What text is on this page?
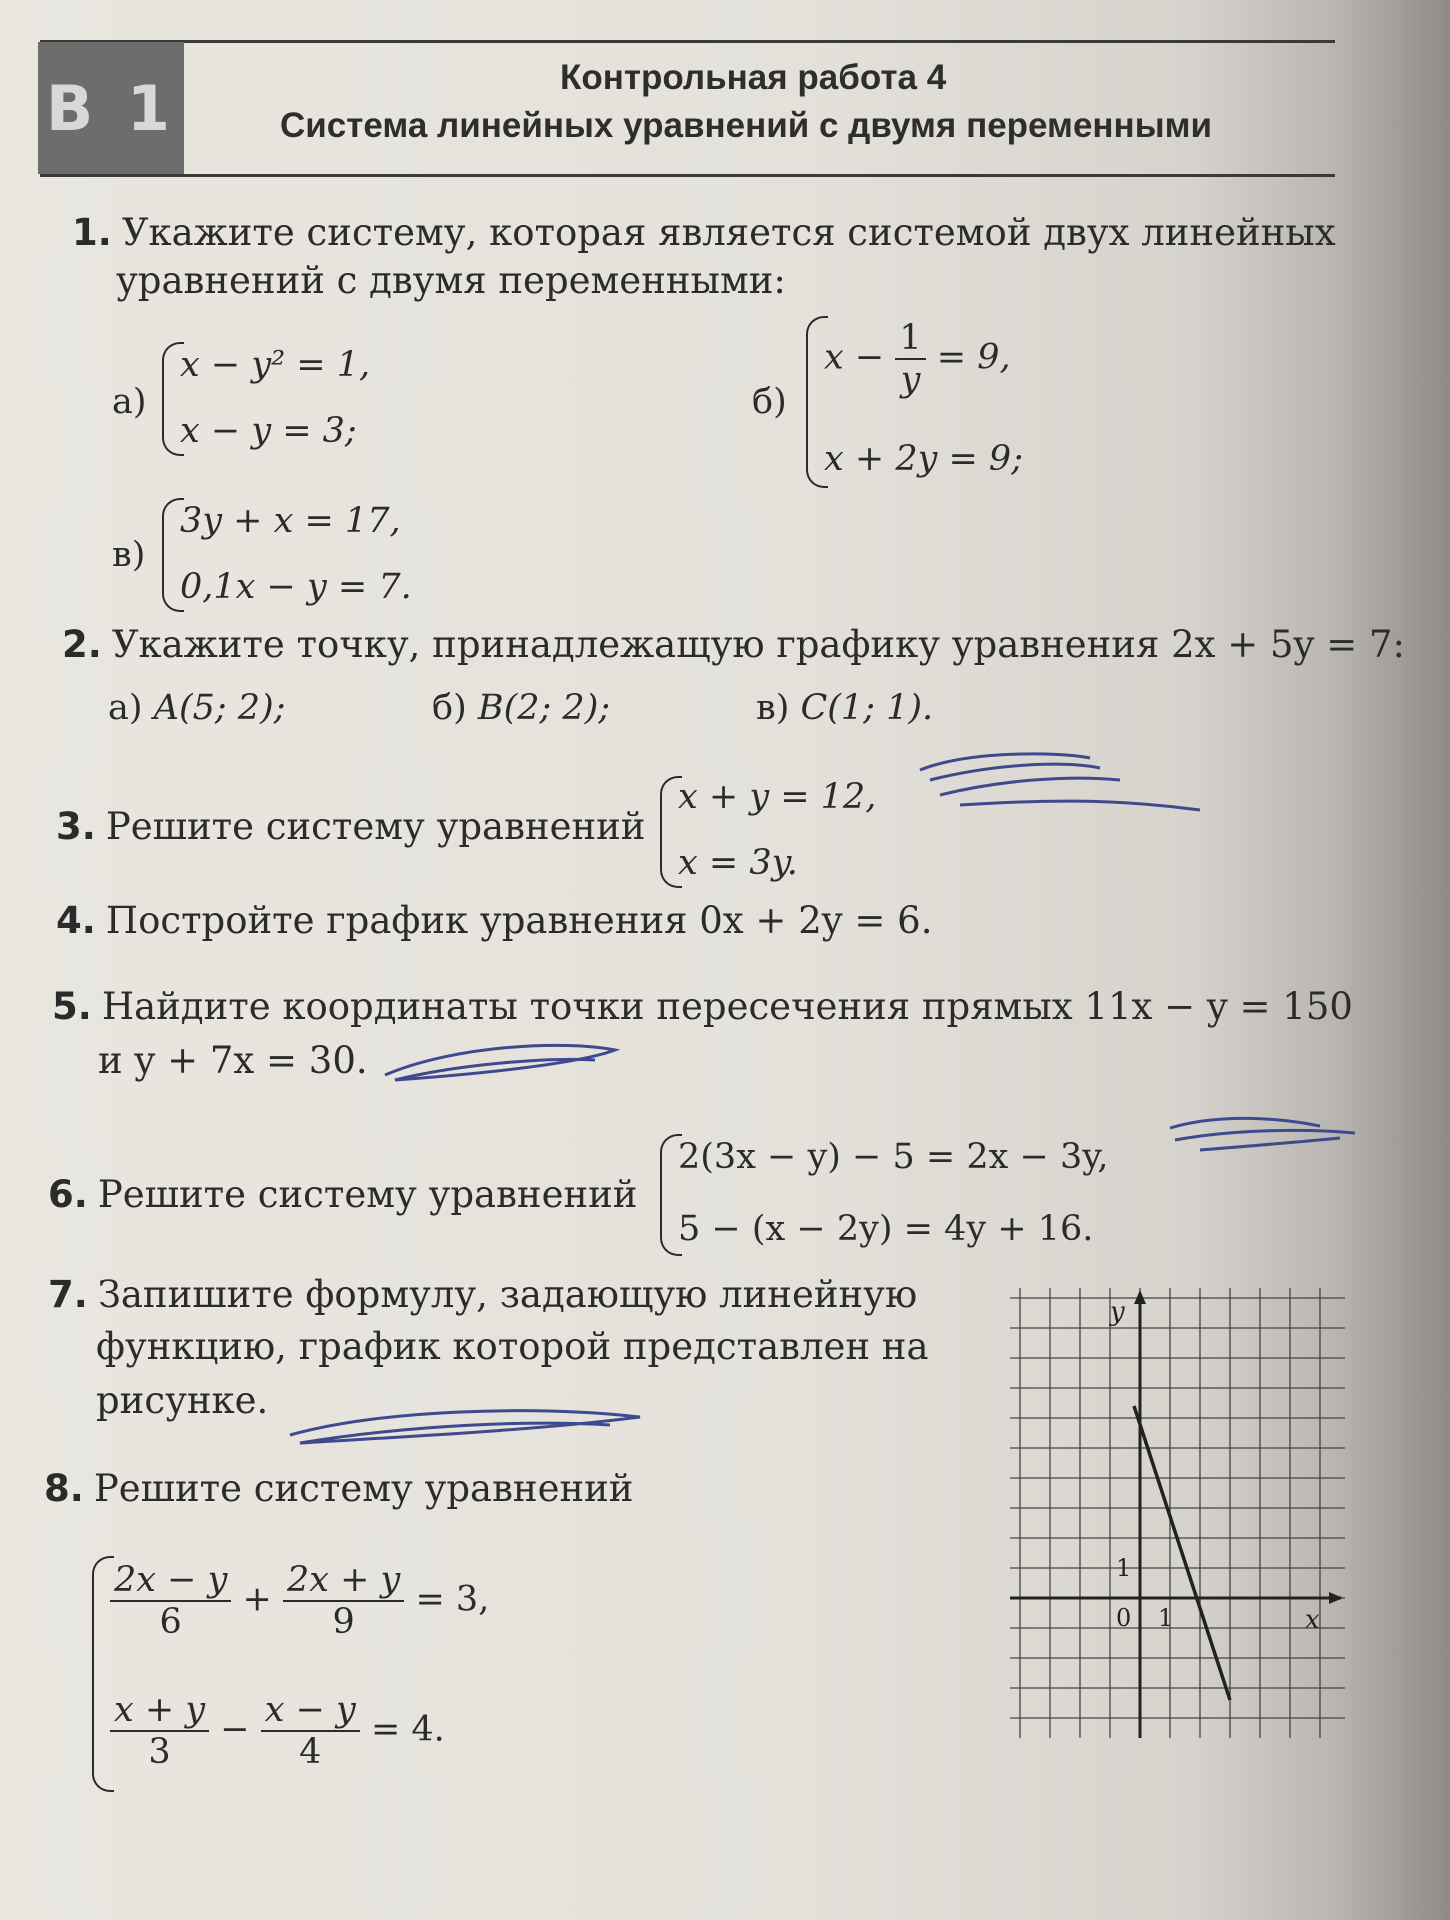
В 1	Контрольная работа 4
Система линейных уравнений с двумя переменными
1. Укажите систему, которая является системой двух линейных
уравнений с двумя переменными:
а)
x − y² = 1,
x − y = 3;
б)
$x - \frac{1}{y} = 9$,
x + 2y = 9;
в)
3y + x = 17,
0,1x − y = 7.
2. Укажите точку, принадлежащую графику уравнения 2x + 5y = 7:
а) A(5; 2);	б) B(2; 2);	в) C(1; 1).
3. Решите систему уравнений
x + y = 12,
x = 3y.
4. Постройте график уравнения 0x + 2y = 6.
5. Найдите координаты точки пересечения прямых 11x − y = 150
и y + 7x = 30.
6. Решите систему уравнений
2(3x − y) − 5 = 2x − 3y,
5 − (x − 2y) = 4y + 16.
7. Запишите формулу, задающую линейную
функцию, график которой представлен на
рисунке.
8. Решите систему уравнений
$\frac{2x - y}{6} + \frac{2x + y}{9} = 3$,
$\frac{x + y}{3} - \frac{x - y}{4} = 4$.
y
x
0 1
1
